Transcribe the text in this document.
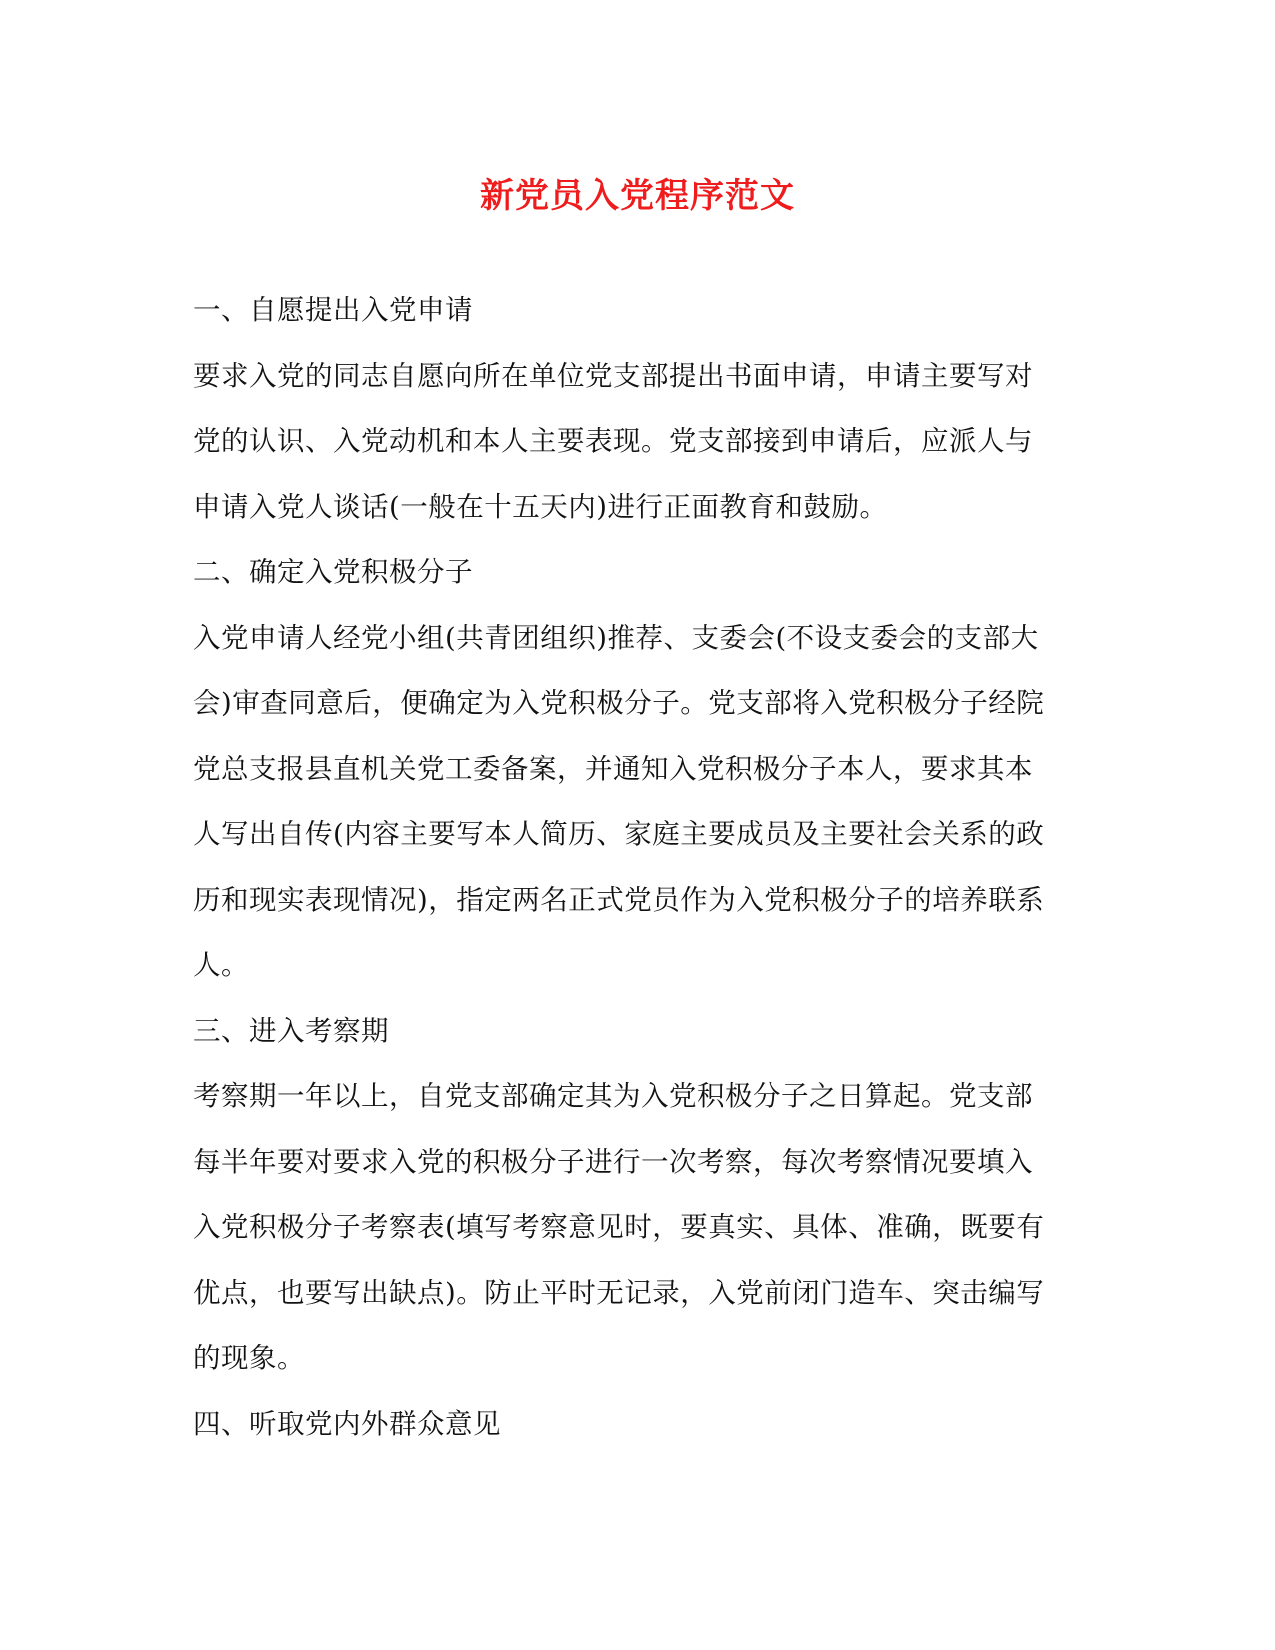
新党员入党程序范文
一、自愿提出入党申请
要求入党的同志自愿向所在单位党支部提出书面申请，申请主要写对
党的认识、入党动机和本人主要表现。党支部接到申请后，应派人与
申请入党人谈话(一般在十五天内)进行正面教育和鼓励。
二、确定入党积极分子
入党申请人经党小组(共青团组织)推荐、支委会(不设支委会的支部大
会)审查同意后，便确定为入党积极分子。党支部将入党积极分子经院
党总支报县直机关党工委备案，并通知入党积极分子本人，要求其本
人写出自传(内容主要写本人简历、家庭主要成员及主要社会关系的政
历和现实表现情况)，指定两名正式党员作为入党积极分子的培养联系
人。
三、进入考察期
考察期一年以上，自党支部确定其为入党积极分子之日算起。党支部
每半年要对要求入党的积极分子进行一次考察，每次考察情况要填入
入党积极分子考察表(填写考察意见时，要真实、具体、准确，既要有
优点，也要写出缺点)。防止平时无记录，入党前闭门造车、突击编写
的现象。
四、听取党内外群众意见
